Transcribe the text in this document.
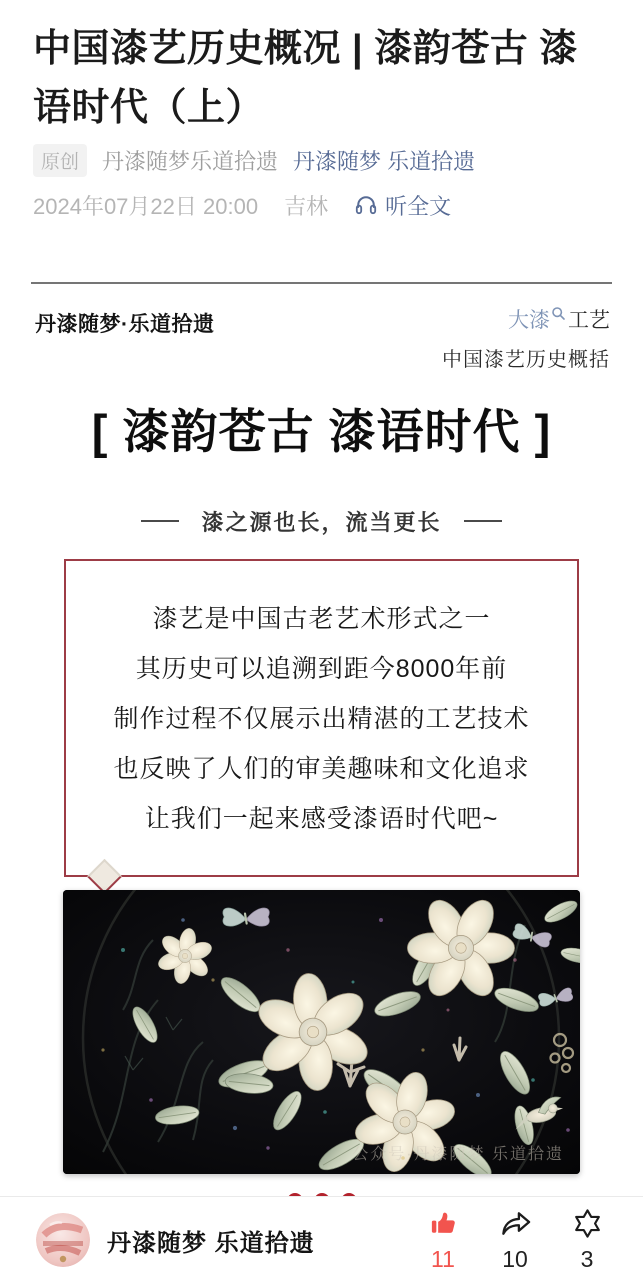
中国漆艺历史概况 | 漆韵苍古 漆语时代（上）
原创	丹漆随梦乐道拾遗 丹漆随梦 乐道拾遗
2024年07月22日 20:00 吉林	听全文
丹漆随梦·乐道拾遗	大漆 工艺
中国漆艺历史概括
[ 漆韵苍古 漆语时代 ]
漆之源也长，流当更长

漆艺是中国古老艺术形式之一

其历史可以追溯到距今8000年前

制作过程不仅展示出精湛的工艺技术

也反映了人们的审美趣味和文化追求

让我们一起来感受漆语时代吧~

公众号·丹漆随梦 乐道拾遗
丹漆随梦 乐道拾遗
11 10 3
